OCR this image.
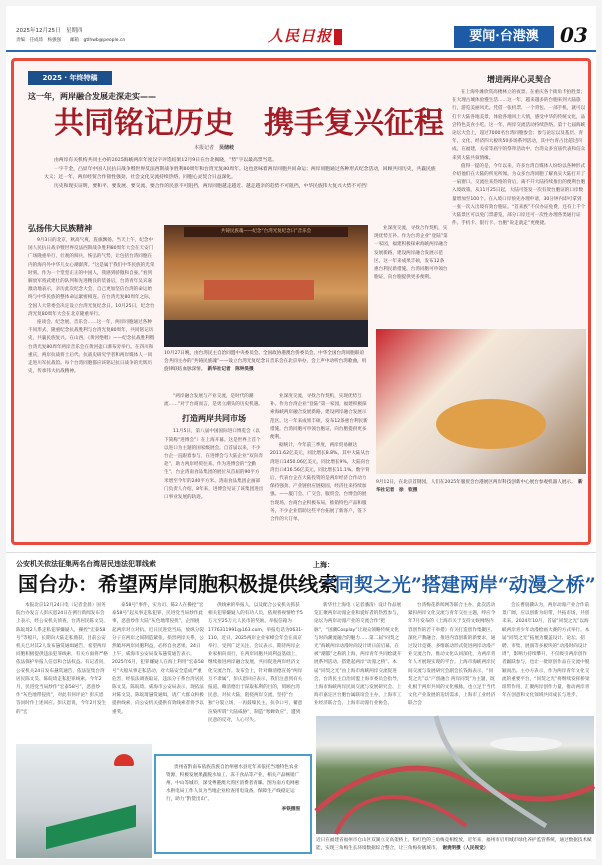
2025年12月25日　星期四
责编：任成琦　杨强强　　邮箱：gtlhwb@people.cn	人民日报	要闻·台港澳	03
2025 · 年终特稿
这一年，两岸融合发展走深走实——
共同铭记历史　携手复兴征程
本报记者　 吴储岐

由两岸有关机构共同主办的2025海峡两岸年度汉字评选结果12月9日在台北揭晓，“势”字以最高票当选。

一字千金，凸显年中国人民抗日战争暨世界反法西斯战争胜利80周年和台湾光复80周年。这也意味着两岸同胞共同命运；两岸同胞通过各种形式纪念活动，回顾共同历史，共襄民族大义；过一年，两岸经贸合作韧性强劲，社会文化交流持续热络，同胞心灵契合日益深化。

历史和现实证明，要和平、要发展、要交流、要合作的民意不可阻挡，两岸同胞越走越近、越走越亲的趋势不可阻挡，中华民族伟大复兴大势不可挡！

增进两岸心灵契合

在上海外滩欣赏高楼林立的夜景，在重庆各个街角卡拍胜景；在大理古城体验慢生活……这一年，越来越多的台胞来到大陆旅行，游览美丽风光。凭借一张机票、一个背包、一部手机，就可以打卡大陆各地美景，体验各地风土人情，感受中华的传统文化，品尝特色美食小吃。这一年，两岸交流活动持续热络。第十七届海峡论坛大会上，超过7000名台湾同胞参会；参与论坛以及基层、青年、文化、经济四大板块50多场系列活动，其中台青占比超过四成。在福建，关帝等庙宇的祭拜活动中，台湾众多宫庙代表和信众来到大陆共叙情缘。

值得一提的是，今年以来，许多台湾自媒体人纷纷以各种形式介绍他们在大陆的所见所闻。为众多台湾同胞了解真实大陆打开了一扇窗口。交流往来热络的背后，离不开大陆持续推出的便利台胞入境政策。从11月25日起，大陆可签发一次有效台胞证的口岸数量增加至100个。在入境口岸预先办理申请，30分钟内即可拿到一张一次入出境有效台胞证。“首来族”不仅办证免费，还有上千个大陆景区可以免门票游览，部分口岸还可一次性办理各类通行证件。手机卡、银行卡、台胞“说走就走”更便捷。

弘扬伟大民族精神

9月3日的北京，秋高气爽，旌旗飘扬。当天上午，纪念中国人民抗日战争暨世界反法西斯战争胜利80周年大会在天安门广场隆重举行，壮观的阅兵，恢弘的气势，让包括台湾同胞在内的海内外中华儿女心潮澎湃。“这是属于我们中华民族的光荣时刻。作为一个堂堂正正的中国人，我感到骄傲和自豪。”看到解放军将武建壮的队列和先进精良的装备后，台湾青年吴宾嘉激动地表示，亲历此次纪念大会，自己更加坚信台湾的命运始终与中华民族的整体命运紧密相连。在台湾光复80周年之际，全国人大常委会决定设立台湾光复纪念日。10月25日，纪念台湾光复80周年大会在北京隆重举行。

座谈会、纪念展、音乐会……这一年，两岸同胞通过各种不同形式，隆重纪念抗战胜利与台湾光复80周年，共同铭记历史，共襄民族复兴。在山西，《黄河绝唱》——纪念抗战胜利暨台湾光复80周年两岸音乐会在黄河壶口瀑布旁举行。在四川和重庆，两岸抗战将士后代、抗战史研究学者和两岸媒体人一同走进川军抗战馆。每个台湾同胞都应该铭记抗日战争的光辉历史，传承伟大抗战精神。

共铸民族魂——纪念“台湾光复纪念日”音乐会
10月27日晚，由台湾民主自治同盟中央委员会、全国政协港澳台侨委员会、中华全国台湾同胞联谊会共同主办的“共铸民族魂”——设立台湾光复纪念日音乐会在北京举办，会上声中动听台湾歌曲，用旋律联结血脉深情。　 新华社记者　陈钟昊摄

“两岸融合发展与产业交流，是时代的潮流……”对于台商而言，是勇立潮头的历史机遇。

打造两岸共同市场

11月5日，第八届中国国际进口博览会（以下简称“进博会”）在上海开幕。这是世界上首个以进口为主题的国家级展会。自首届以来，不少台企一直跟着参与，在进博会与大陆企业“双向奔赴”，助力两岸经贸往来。作为进博会的“全勤生”，台企湾南食品集团的展位从首届的90平方米增至今年的240平方米。湾南食品集团企画部门负责人介绍，8年来，进博会见证了该集团进出口事业发展的轨迹。

业深度交流，寻找合作契机，实现优势互补。作为台湾企业“登陆”第一家园，福建积极探索海峡两岸融合发展新路，建设两岸融合发展示范区。这一年来成果丰硕，发布12条惠台利民新措施。台湾同胞可申领台胞证，向台胞提供更多便利。

据统计，今年前三季度，两岸贸易额达2011.62亿美元，同比增长8.8%。其中大陆从台湾进口1450.06亿美元，同比增长9%，大陆向台湾出口416.56亿美元，同比增长11.1%。数字背后，代表台企在大陆投资的是两岸经济合作动力保持强劲、产业链供应链稳固，经济往来持续加强。——厦门会、广交会、服贸会、台博会的展台现场，台商台企积极布局，推销特色产品和服务，不少企业借助这些平台拓展了新客户，签下合作的大订单。

业深度交流，寻找合作契机，实现优势互补。作为台湾企业“登陆”第一家园，福建积极探索海峡两岸融合发展新路，建设两岸融合发展示范区。这一年来成果丰硕，发布12条惠台利民新措施。台湾同胞可申领台胞证，向台胞提供更多便利。

9月12日，在北京首钢园，人们在2025年服贸会台港展区两岸科技创新中心展台参观机器人展示。　 新华社记者　徐　钦摄
公安机关依法征集两名台湾居民违法犯罪线索
国台办：希望两岸同胞积极提供线索
本报北京12月24日电（记者金晨）国务院台办发言人彭庆恩24日在例行新闻发布会上表示，经公安机关侦查，台湾居民陈文昊、陈皖琦2人系走私犯罪嫌疑人，操控“宏泰58号”等船只，长期向大陆走私渔获，目前公安机关已对其2人发布悬赏通缉通告，希望两岸同胞积极提供违法犯罪线索，有关方面将严格依法保护举报人信息和合法权益。有记者问，公安机关24日发布悬赏通告，依法征集台湾居民陈文昊、陈皖琦走私犯罪线索。今年2月，民进党当局炒作“宏泰58号”，恶意炒作“灰色地带侵扰”，对此有何评论？彭庆恩答问时作上述回应。彭庆恩说，今年2月发生的“宏
泰58号”事件，实为司、陈2人在操控“宏泰58号”起从事走私犯罪，民进党当局炒作此事，恶意炒作大陆“灰色地带侵扰”，企图挑起两岸对立对抗。近日民进党当局，放纵分裂分子在两岸之间制造紧张，损害两岸关系，公然破坏两岸同胞利益，必将自食恶果。24日上午，威海市公安局发布悬赏通告表示，2025年6月，犯罪嫌疑人在海上利用“宏泰58号”大船从事走私活动，对大陆安全造成严重危害，经依法调查取证，违法分子系台湾居民陈文昊、陈皖琦。威海市公安局表示，现依法对陈文昊、陈皖琦悬赏通缉，请广大群众积极提供线索，向公安机关提供有效线索者将予以重奖。
供线索的举报人，以及配合公安机关抓获相关犯罪嫌疑人的有功人员，依规将视情给予5万元至25万元人民币的奖励。举报信箱为1776311991@163.com，举报电话为0631-110。近日，2025两岸企业家峰会年会在南京举行，受到广泛关注，会议表示，期待两岸企业家相向而行，在两岸同胞共同利益基础上，继续推进两岸融合发展，共同促进两岸经济文化交流合作。发布会上，针对赖清德宣扬“两岸互不隶属”，彭庆恩回应表示，我们注意到有关报道。赖清德出于谋取私利的目的，罔顾台湾民意，对抗大陆，阻挠两岸交流，坚持“台独”分裂立场，一再鼓噪民主、抗争口号，蓄意渲染所谓“大陆威胁”，制造“寒蝉效应”，遭到民意的反对，人心尽失。
贵州省黔南布依族苗族自治州惠水县近年来依托当地特色农业资源，积极发展果蔬脱水加工、冻干食品等产业，相关产品畅销广州、中山等城市，深受粤港澳大湾区消费者青睐。图为南方电网惠水供电局工作人员为当地企业检查用电设备，保障生产线稳定运行，助力“黔货出山”。
李铁摄图
上海：
“同契之光”搭建两岸“动漫之桥”
新华社上海电（记者潘清）设计作品展览汇聚两岸动漫企业和爱好者的热烈参与，论坛为两岸动漫产业的交流合作“把脉”，“国潮Cosplay”让观众领略传统文化与时尚潮流融合的魅力……第二届“同契之光”海峡两岸动漫时尚设计周日前启幕，在被“潮都”之称的上海，两岸青年共同绘就开展系列活动，搭建起两岸“动漫之桥”。本届“同契之光”由上海市海峡两岸交流促进会、台湾民主自治同盟上海市委员会指导，上海市海峡两岸民间交流与发展研究会、上海市嘉定区台胞台属联谊会主办，上海市工业经济联合会、上海市动漫行业协会、
台湾梅花新闻网等联合主办。此次活动紧扣两岸文化交流与青年交往主题，呼应今年7月发布的《上海市关于支持文娱网络内容创作的若干举措》有关打造创作集聚区、深化产教融合、推进内容创新的新要求，通过设计竞赛、多维联动形式促进两岸动漫产业交流合作，推动文化认同深化，为两岸青年人才展现实现的平台。上海市海峡两岸民间交流与发展研究会副会长钱海表示，“同契之光”以“产创融合 两岸同契”为主题，既扎根于两岸共同的文化根脉，也立足于当代文化产业发展的迫切需求，上海市工业经济联合会
会长曹晨骥认为，两岸动漫产业合作前景广阔，应以创新为纽带，共拓市场，共创未来。2024年10月，首届“同契之光”以海峡两岸青少年动漫绘画大赛的方式举行。本届“同契之光”拓展为覆盖设计、论坛、招聘、市集、展演等多板块的“动漫时尚设计周”，影响力持续攀升，不仅吸引两岸创作者踊跃参与，也让一批原创作品在交流中脱颖而出。主办方表示，作为两岸青年文化交流的重要平台，“同契之光”将继续发挥桥梁纽带作用，汇聚两岸创作力量，推动两岸青年在创意和文化领域共同成长与进步。
近日在福建省福州市仓山区双湖立交高架桥上，粉红色的三角梅竞相绽放，近年来，福州市启用城市绿化养护监管系统，通过数据技术赋能，实现三角梅生长环境数据综合整合，让三角梅扮靓城市。　 谢贵明摄（人民视觉）
